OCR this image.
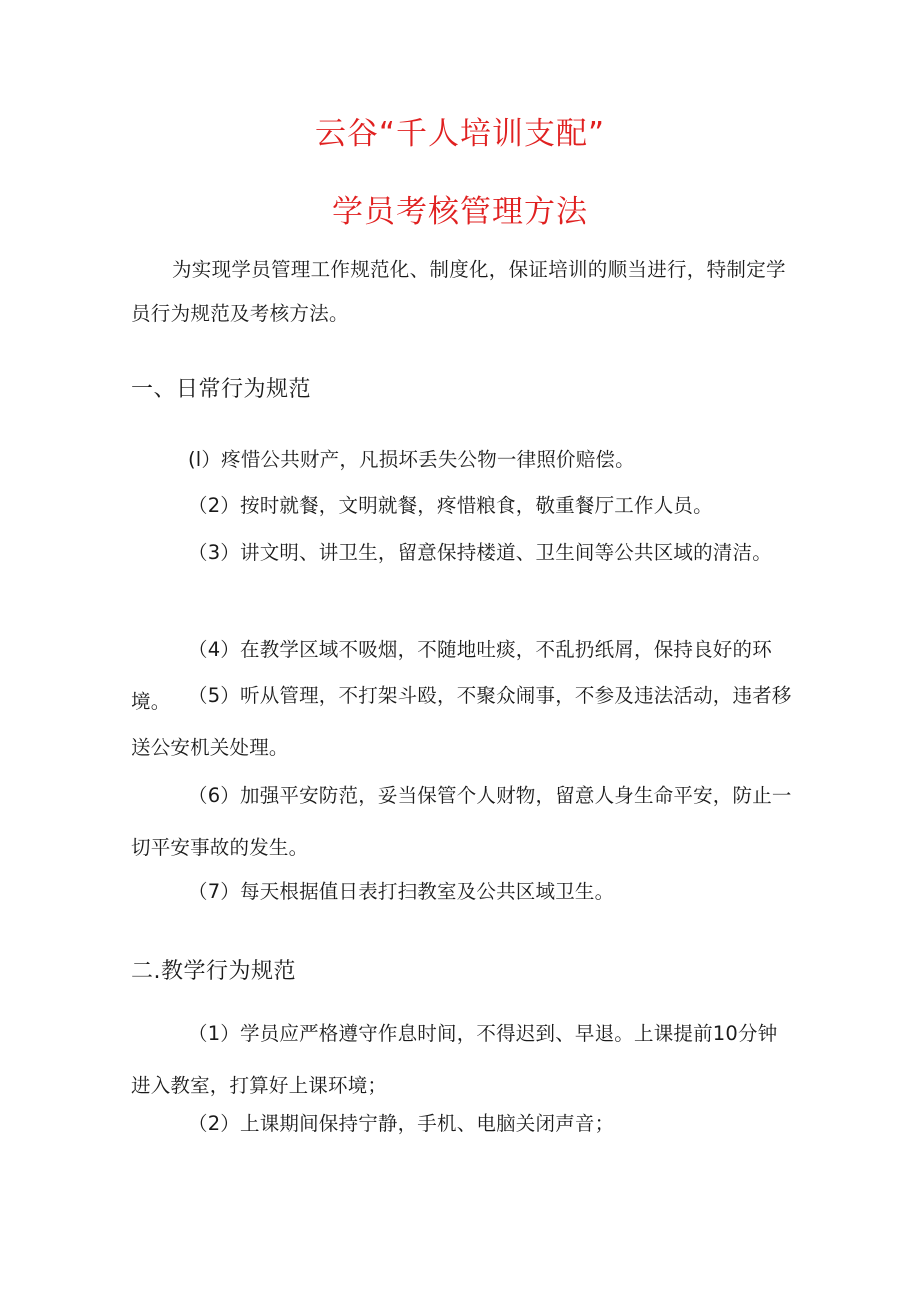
云谷“千人培训支配”
学员考核管理方法

为实现学员管理工作规范化、制度化，保证培训的顺当进行，特制定学员行为规范及考核方法。

一、日常行为规范

(l）疼惜公共财产，凡损坏丢失公物一律照价赔偿。

（2）按时就餐，文明就餐，疼惜粮食，敬重餐厅工作人员。

（3）讲文明、讲卫生，留意保持楼道、卫生间等公共区域的清洁。

（4）在教学区域不吸烟，不随地吐痰，不乱扔纸屑，保持良好的环境。 （5）听从管理，不打架斗殴，不聚众闹事，不参及违法活动，违者移送公安机关处理。

（6）加强平安防范，妥当保管个人财物，留意人身生命平安，防止一切平安事故的发生。

（7）每天根据值日表打扫教室及公共区域卫生。

二.教学行为规范

（1）学员应严格遵守作息时间，不得迟到、早退。上课提前10分钟进入教室，打算好上课环境；

（2）上课期间保持宁静，手机、电脑关闭声音；
